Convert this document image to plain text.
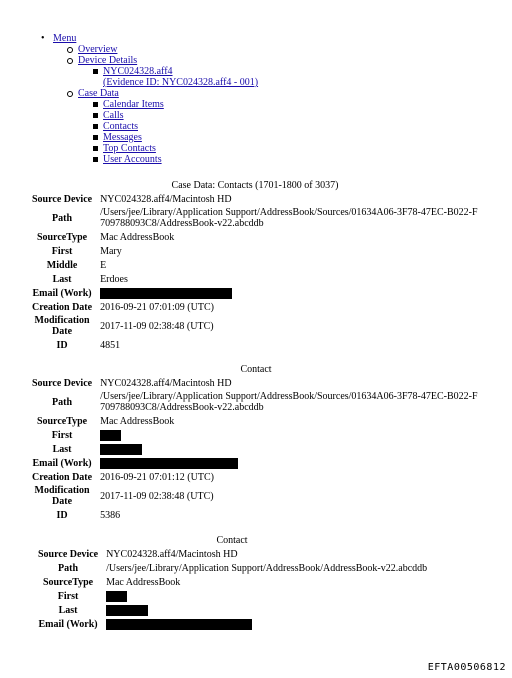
• Menu
Overview
Device Details
NYC024328.aff4
(Evidence ID: NYC024328.aff4 - 001)
Case Data
Calendar Items
Calls
Contacts
Messages
Top Contacts
User Accounts
Case Data: Contacts (1701-1800 of 3037)
Source Device	NYC024328.aff4/Macintosh HD
Path	/Users/jee/Library/Application Support/AddressBook/Sources/01634A06-3F78-47EC-B022-F709788093C8/AddressBook-v22.abcddb
SourceType	Mac AddressBook
First	Mary
Middle	E
Last	Erdoes
Email (Work)	
Creation Date	2016-09-21 07:01:09 (UTC)
Modification Date	2017-11-09 02:38:48 (UTC)
ID	4851
Contact
Source Device	NYC024328.aff4/Macintosh HD
Path	/Users/jee/Library/Application Support/AddressBook/Sources/01634A06-3F78-47EC-B022-F709788093C8/AddressBook-v22.abcddb
SourceType	Mac AddressBook
First	
Last	
Email (Work)	
Creation Date	2016-09-21 07:01:12 (UTC)
Modification Date	2017-11-09 02:38:48 (UTC)
ID	5386
Contact
Source Device	NYC024328.aff4/Macintosh HD
Path	/Users/jee/Library/Application Support/AddressBook/AddressBook-v22.abcddb
SourceType	Mac AddressBook
First	
Last	
Email (Work)	
EFTA00506812
